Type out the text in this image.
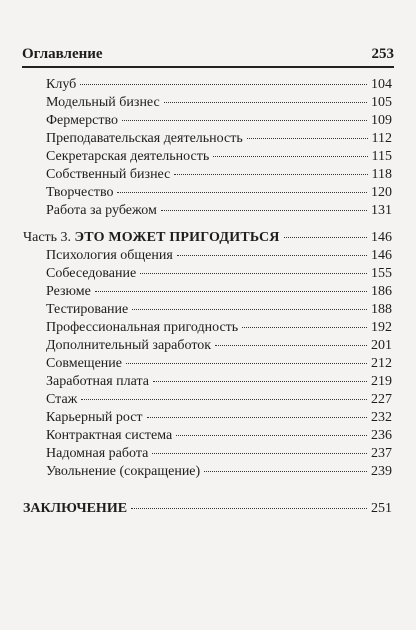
Оглавление	253
Клуб	104
Модельный бизнес	105
Фермерство	109
Преподавательская деятельность	112
Секретарская деятельность	115
Собственный бизнес	118
Творчество	120
Работа за рубежом	131
Часть 3. ЭТО МОЖЕТ ПРИГОДИТЬСЯ	146
Психология общения	146
Собеседование	155
Резюме	186
Тестирование	188
Профессиональная пригодность	192
Дополнительный заработок	201
Совмещение	212
Заработная плата	219
Стаж	227
Карьерный рост	232
Контрактная система	236
Надомная работа	237
Увольнение (сокращение)	239
ЗАКЛЮЧЕНИЕ	251
